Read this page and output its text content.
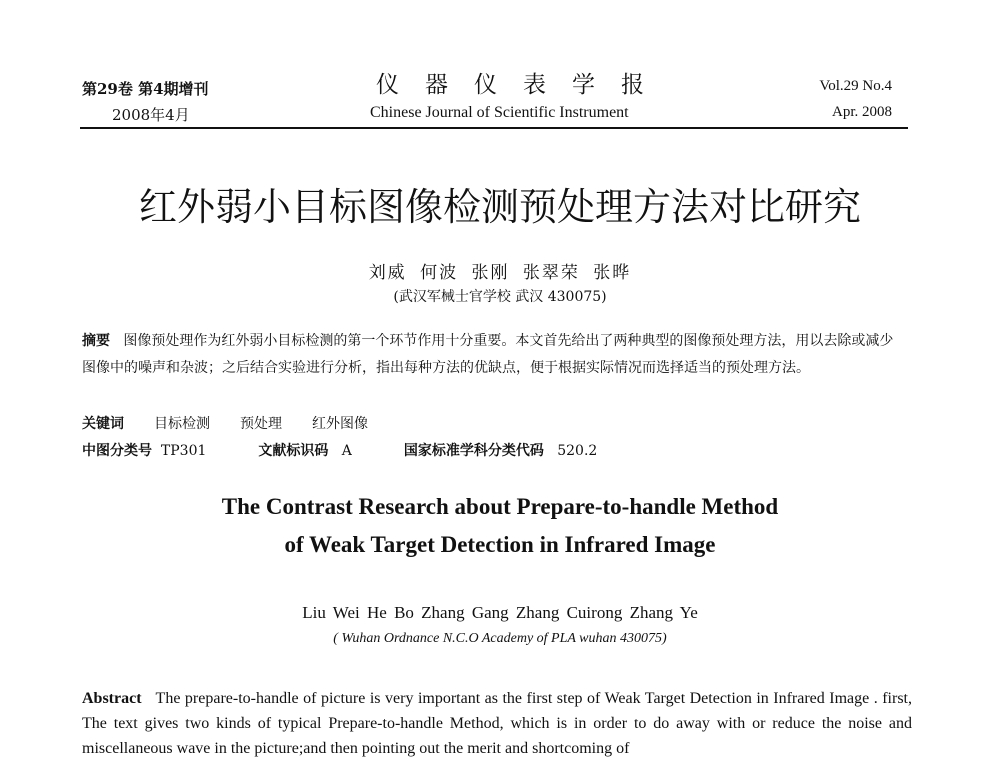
第29卷 第4期增刊
2008年4月
仪器仪表学报
Chinese Journal of Scientific Instrument
Vol.29 No.4
Apr. 2008
红外弱小目标图像检测预处理方法对比研究
刘威 何波 张刚 张翠荣 张晔
(武汉军械士官学校 武汉 430075)
摘要 图像预处理作为红外弱小目标检测的第一个环节作用十分重要。本文首先给出了两种典型的图像预处理方法，用以去除或减少图像中的噪声和杂波；之后结合实验进行分析，指出每种方法的优缺点，便于根据实际情况而选择适当的预处理方法。
关键词 目标检测 预处理 红外图像
中图分类号 TP301	文献标识码 A	国家标准学科分类代码 520.2
The Contrast Research about Prepare-to-handle Method
of Weak Target Detection in Infrared Image
Liu Wei He Bo Zhang Gang Zhang Cuirong Zhang Ye
( Wuhan Ordnance N.C.O Academy of PLA wuhan 430075)
Abstract The prepare-to-handle of picture is very important as the first step of Weak Target Detection in Infrared Image . first, The text gives two kinds of typical Prepare-to-handle Method, which is in order to do away with or reduce the noise and miscellaneous wave in the picture;and then pointing out the merit and shortcoming of
